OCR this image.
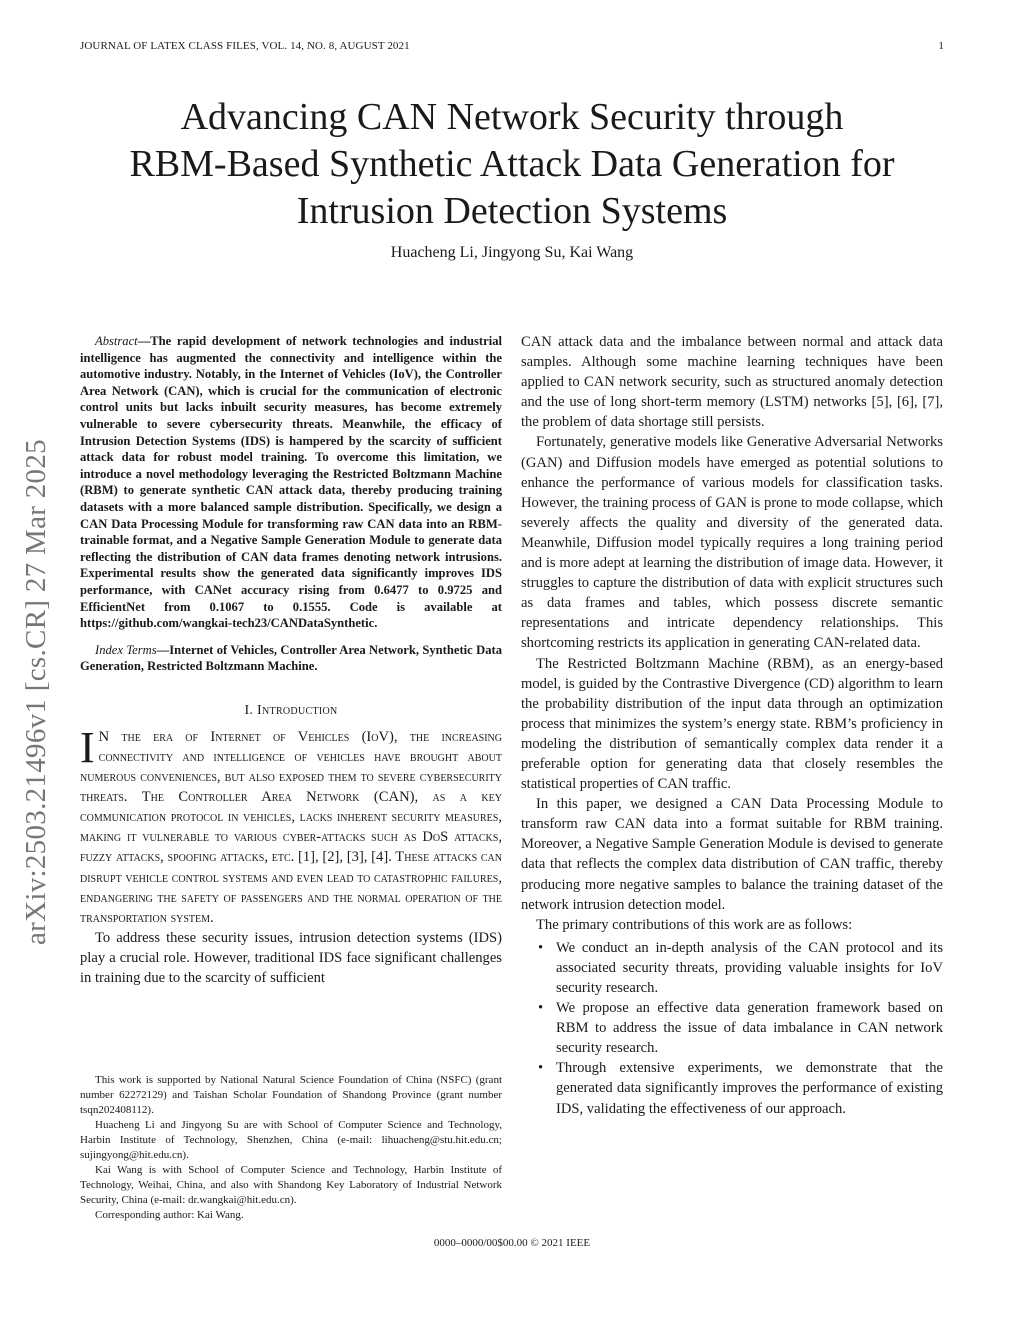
JOURNAL OF LATEX CLASS FILES, VOL. 14, NO. 8, AUGUST 2021	1
Advancing CAN Network Security through
RBM-Based Synthetic Attack Data Generation for
Intrusion Detection Systems
Huacheng Li, Jingyong Su, Kai Wang
arXiv:2503.21496v1 [cs.CR] 27 Mar 2025

Abstract—The rapid development of network technologies and industrial intelligence has augmented the connectivity and intelligence within the automotive industry. Notably, in the Internet of Vehicles (IoV), the Controller Area Network (CAN), which is crucial for the communication of electronic control units but lacks inbuilt security measures, has become extremely vulnerable to severe cybersecurity threats. Meanwhile, the efficacy of Intrusion Detection Systems (IDS) is hampered by the scarcity of sufficient attack data for robust model training. To overcome this limitation, we introduce a novel methodology leveraging the Restricted Boltzmann Machine (RBM) to generate synthetic CAN attack data, thereby producing training datasets with a more balanced sample distribution. Specifically, we design a CAN Data Processing Module for transforming raw CAN data into an RBM-trainable format, and a Negative Sample Generation Module to generate data reflecting the distribution of CAN data frames denoting network intrusions. Experimental results show the generated data significantly improves IDS performance, with CANet accuracy rising from 0.6477 to 0.9725 and EfficientNet from 0.1067 to 0.1555. Code is available at https://github.com/wangkai-tech23/CANDataSynthetic.

Index Terms—Internet of Vehicles, Controller Area Network, Synthetic Data Generation, Restricted Boltzmann Machine.

I. Introduction

I N the era of Internet of Vehicles (IoV), the increasing connectivity and intelligence of vehicles have brought about numerous conveniences, but also exposed them to severe cybersecurity threats. The Controller Area Network (CAN), as a key communication protocol in vehicles, lacks inherent security measures, making it vulnerable to various cyber-attacks such as DoS attacks, fuzzy attacks, spoofing attacks, etc. [1], [2], [3], [4]. These attacks can disrupt vehicle control systems and even lead to catastrophic failures, endangering the safety of passengers and the normal operation of the transportation system.

To address these security issues, intrusion detection systems (IDS) play a crucial role. However, traditional IDS face significant challenges in training due to the scarcity of sufficient

This work is supported by National Natural Science Foundation of China (NSFC) (grant number 62272129) and Taishan Scholar Foundation of Shandong Province (grant number tsqn202408112).

Huacheng Li and Jingyong Su are with School of Computer Science and Technology, Harbin Institute of Technology, Shenzhen, China (e-mail: lihuacheng@stu.hit.edu.cn; sujingyong@hit.edu.cn).

Kai Wang is with School of Computer Science and Technology, Harbin Institute of Technology, Weihai, China, and also with Shandong Key Laboratory of Industrial Network Security, China (e-mail: dr.wangkai@hit.edu.cn).

Corresponding author: Kai Wang.

CAN attack data and the imbalance between normal and attack data samples. Although some machine learning techniques have been applied to CAN network security, such as structured anomaly detection and the use of long short-term memory (LSTM) networks [5], [6], [7], the problem of data shortage still persists.

Fortunately, generative models like Generative Adversarial Networks (GAN) and Diffusion models have emerged as potential solutions to enhance the performance of various models for classification tasks. However, the training process of GAN is prone to mode collapse, which severely affects the quality and diversity of the generated data. Meanwhile, Diffusion model typically requires a long training period and is more adept at learning the distribution of image data. However, it struggles to capture the distribution of data with explicit structures such as data frames and tables, which possess discrete semantic representations and intricate dependency relationships. This shortcoming restricts its application in generating CAN-related data.

The Restricted Boltzmann Machine (RBM), as an energy-based model, is guided by the Contrastive Divergence (CD) algorithm to learn the probability distribution of the input data through an optimization process that minimizes the system’s energy state. RBM’s proficiency in modeling the distribution of semantically complex data render it a preferable option for generating data that closely resembles the statistical properties of CAN traffic.

In this paper, we designed a CAN Data Processing Module to transform raw CAN data into a format suitable for RBM training. Moreover, a Negative Sample Generation Module is devised to generate data that reflects the complex data distribution of CAN traffic, thereby producing more negative samples to balance the training dataset of the network intrusion detection model.

The primary contributions of this work are as follows:

• We conduct an in-depth analysis of the CAN protocol and its associated security threats, providing valuable insights for IoV security research.
• We propose an effective data generation framework based on RBM to address the issue of data imbalance in CAN network security research.
• Through extensive experiments, we demonstrate that the generated data significantly improves the performance of existing IDS, validating the effectiveness of our approach.
0000–0000/00$00.00 © 2021 IEEE
